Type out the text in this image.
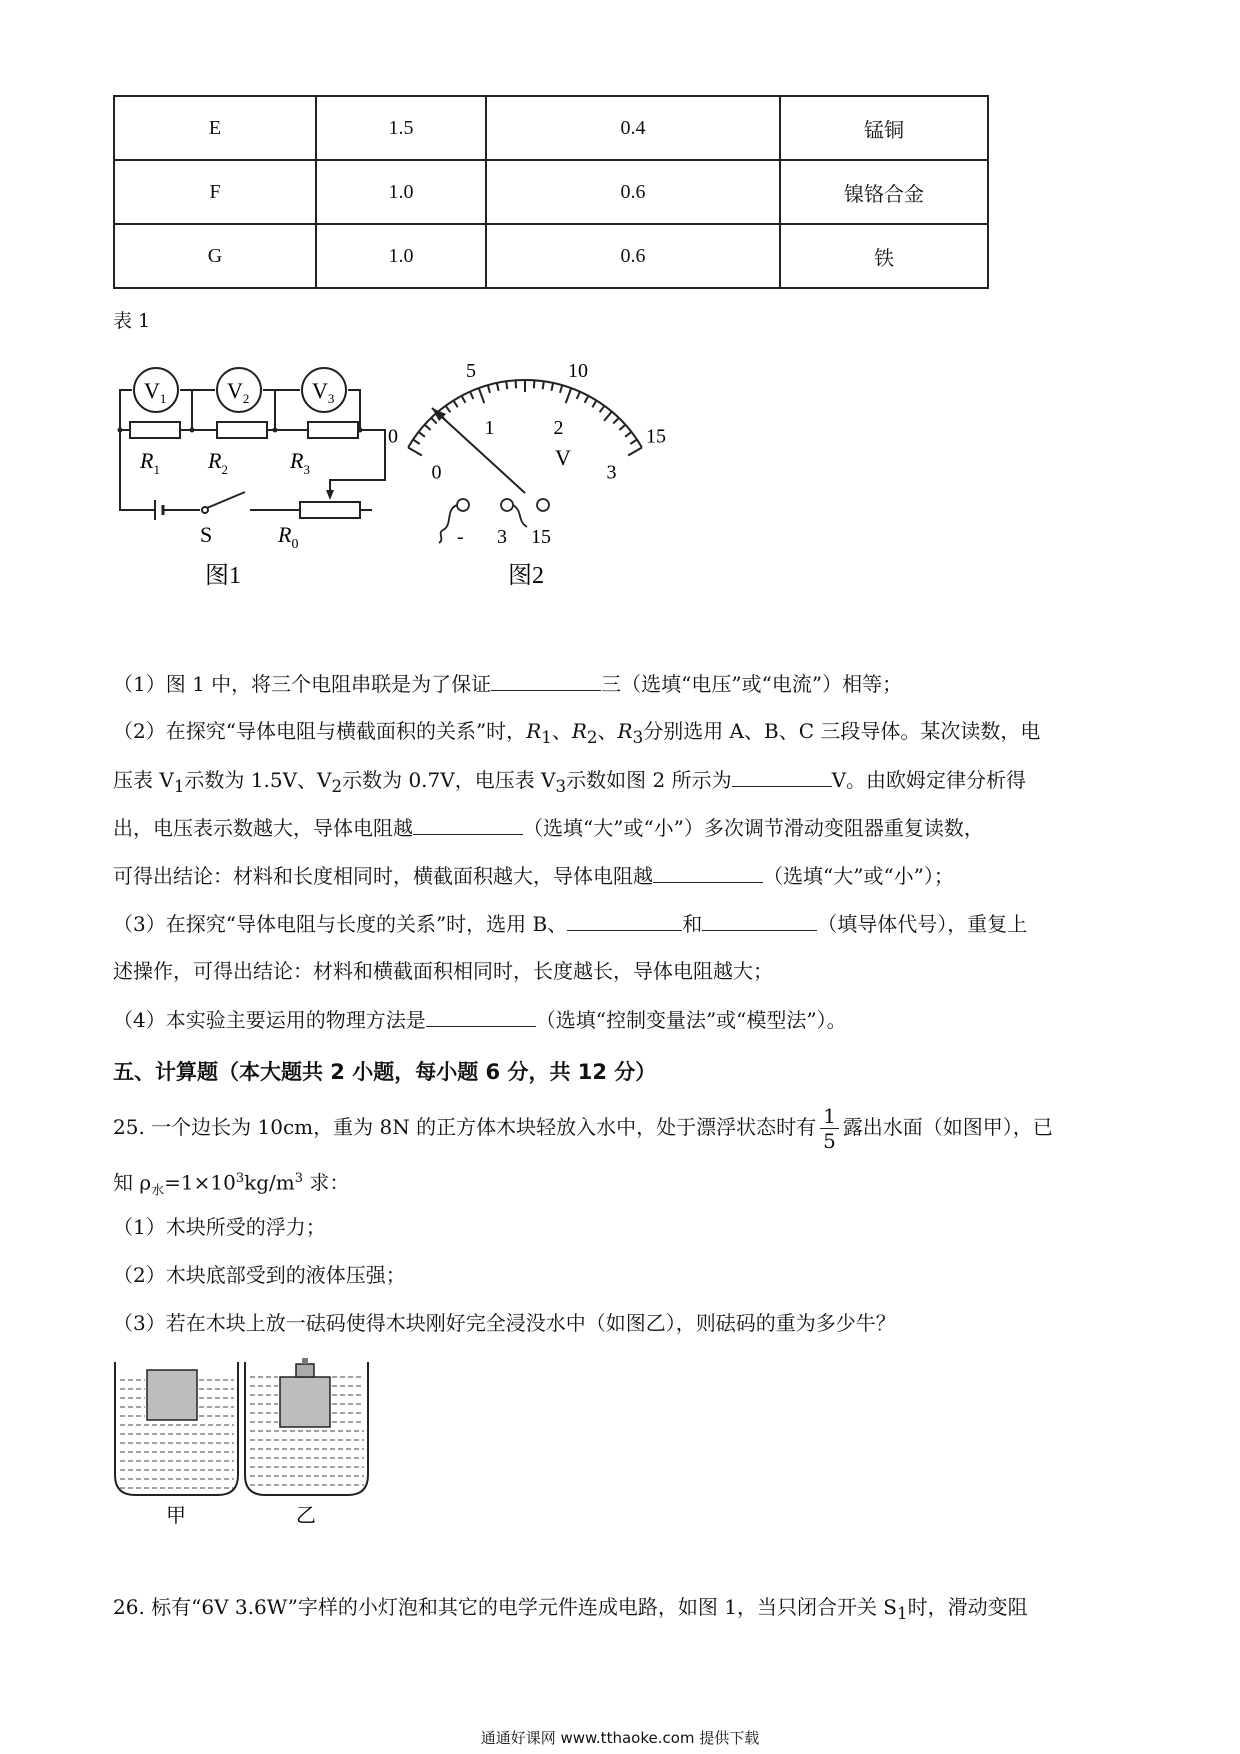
E	1.5	0.4	锰铜
F	1.0	0.6	镍铬合金
G	1.0	0.6	铁
表 1
$V_1$	$V_2$	$V_3$
$R_1$ $R_2$	$R_3$
S	$R_0$
图1
0
5	10
15
0
1	2
3
V
- 3 15
图2
（1）图 1 中，将三个电阻串联是为了保证	三（选填“电压”或“电流”）相等；
（2）在探究“导体电阻与横截面积的关系”时，$R_1$、$R_2$、$R_3$分别选用 A、B、C 三段导体。某次读数，电
压表 $V_1$示数为 1.5V、$V_2$示数为 0.7V，电压表 $V_3$示数如图 2 所示为	V。由欧姆定律分析得
出，电压表示数越大，导体电阻越	（选填“大”或“小”）多次调节滑动变阻器重复读数，
可得出结论：材料和长度相同时，横截面积越大，导体电阻越	（选填“大”或“小”）；
（3）在探究“导体电阻与长度的关系”时，选用 B、	和	（填导体代号），重复上
述操作，可得出结论：材料和横截面积相同时，长度越长，导体电阻越大；
（4）本实验主要运用的物理方法是	（选填“控制变量法”或“模型法”）。
五、计算题（本大题共 2 小题，每小题 6 分，共 12 分）
25. 一个边长为 10cm，重为 8N 的正方体木块轻放入水中，处于漂浮状态时有 $\frac{1}{5}$ 露出水面（如图甲），已
知 $\rho_水=1\times 10^3kg/m^3$ 求：
（1）木块所受的浮力；
（2）木块底部受到的液体压强；
（3）若在木块上放一砝码使得木块刚好完全浸没水中（如图乙），则砝码的重为多少牛？
甲	乙
26. 标有“6V 3.6W”字样的小灯泡和其它的电学元件连成电路，如图 1，当只闭合开关 $S_1$时，滑动变阻
通通好课网 www.tthaoke.com 提供下载
